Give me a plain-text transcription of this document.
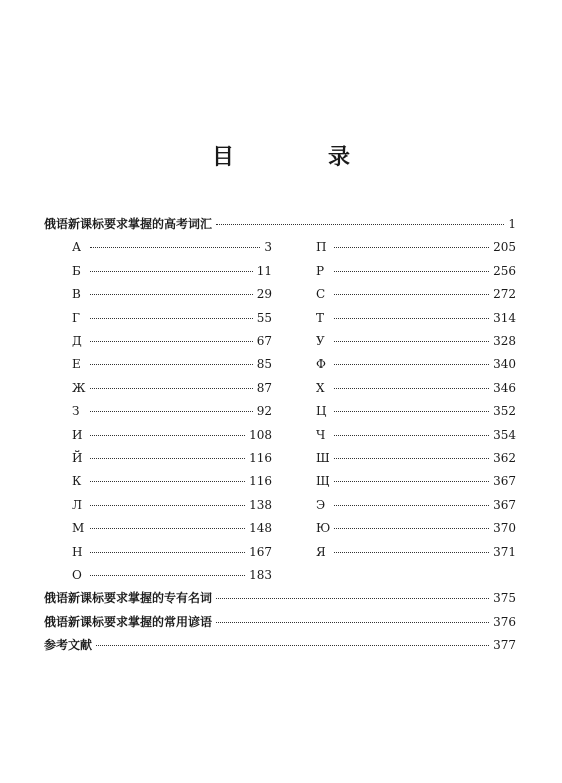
目　录
俄语新课标要求掌握的高考词汇	1
А	3
Б	11
В	29
Г	55
Д	67
Е	85
Ж	87
З	92
И	108
Й	116
К	116
Л	138
М	148
Н	167
О	183
П	205
Р	256
С	272
Т	314
У	328
Ф	340
Х	346
Ц	352
Ч	354
Ш	362
Щ	367
Э	367
Ю	370
Я	371
俄语新课标要求掌握的专有名词	375
俄语新课标要求掌握的常用谚语	376
参考文献	377
